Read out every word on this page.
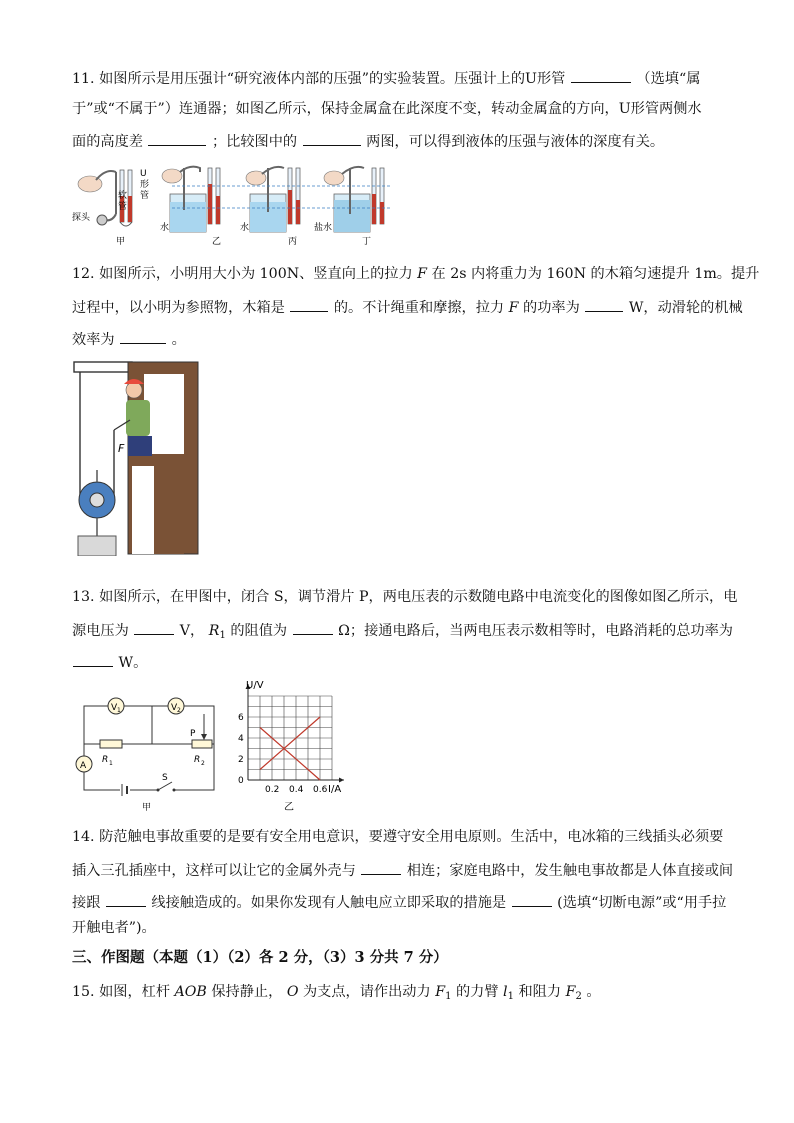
11. 如图所示是用压强计“研究液体内部的压强”的实验装置。压强计上的U形管	（选填“属
于”或“不属于”）连通器；如图乙所示，保持金属盒在此深度不变，转动金属盒的方向，U形管两侧水
面的高度差	；比较图中的	两图，可以得到液体的压强与液体的深度有关。
U
形
管
软
管
探头
甲
水
乙
水
丙
盐水
丁
12. 如图所示，小明用大小为 100N、竖直向上的拉力 F 在 2s 内将重力为 160N 的木箱匀速提升 1m。提升
过程中，以小明为参照物，木箱是	的。不计绳重和摩擦，拉力 F 的功率为	W，动滑轮的机械
效率为	。
F
13. 如图所示，在甲图中，闭合 S，调节滑片 P，两电压表的示数随电路中电流变化的图像如图乙所示，电
源电压为	V， $R_1$ 的阻值为	Ω；接通电路后，当两电压表示数相等时，电路消耗的总功率为
W。
V 1	V 2
R 1
P
R 2
A
S
甲
0.2 0.4 0.6
0
2
4
6
U/V
I/A
乙
14. 防范触电事故重要的是要有安全用电意识，要遵守安全用电原则。生活中，电冰箱的三线插头必须要
插入三孔插座中，这样可以让它的金属外壳与	相连；家庭电路中，发生触电事故都是人体直接或间
接跟	线接触造成的。如果你发现有人触电应立即采取的措施是	(选填“切断电源”或“用手拉
开触电者”)。
三、作图题（本题（1）（2）各 2 分，（3）3 分共 7 分）
15. 如图，杠杆 AOB 保持静止， O 为支点，请作出动力 $F_1$ 的力臂 $l_1$ 和阻力 $F_2$ 。
